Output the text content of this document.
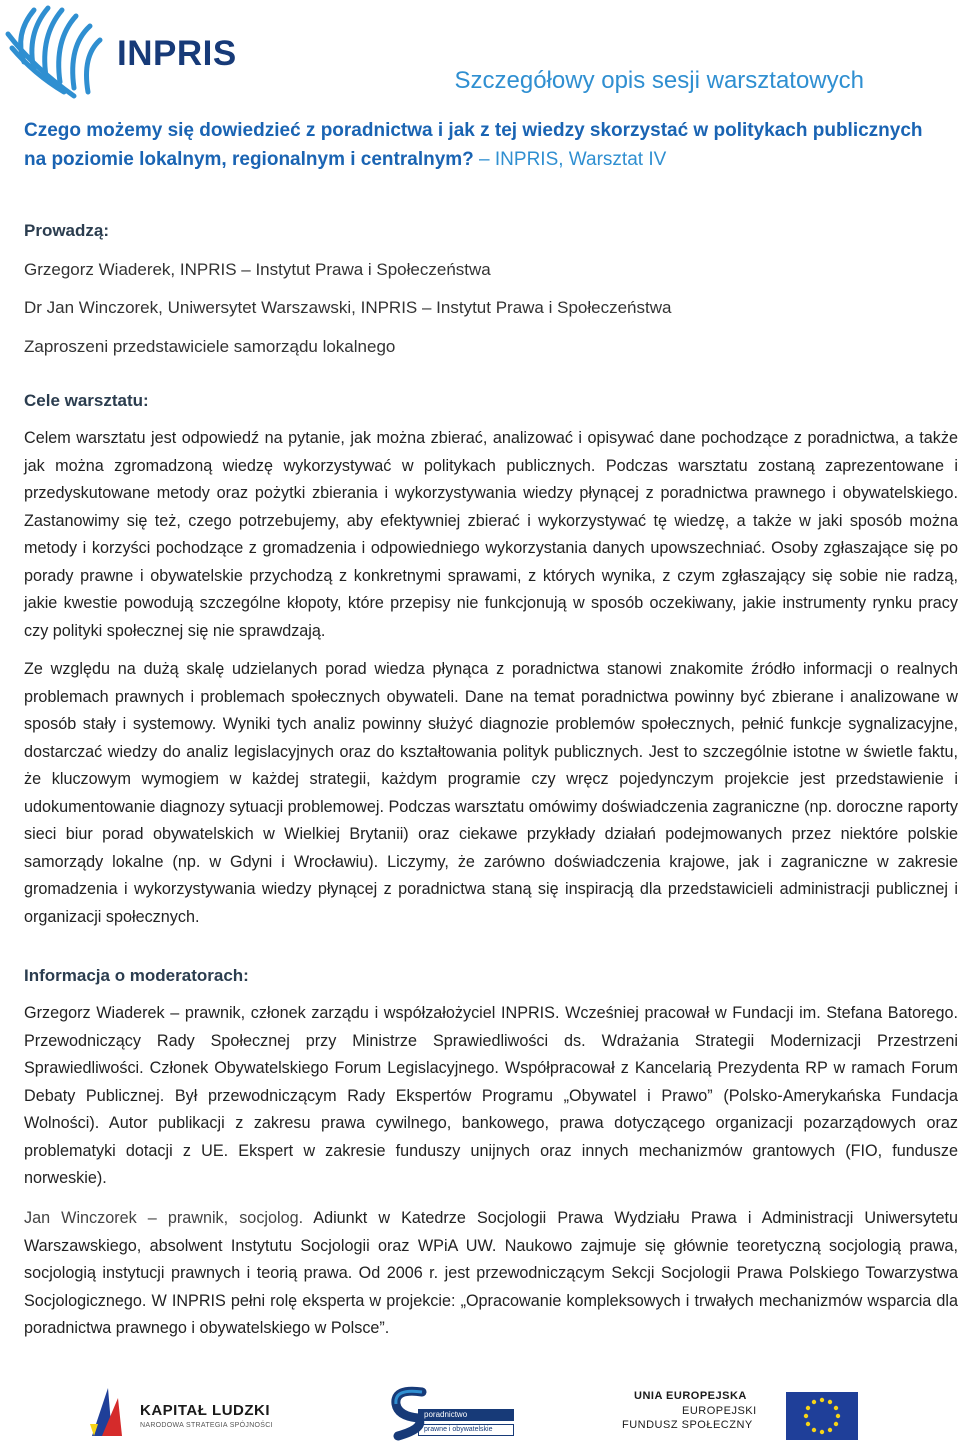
INPRIS
Szczegółowy opis sesji warsztatowych
Czego możemy się dowiedzieć z poradnictwa i jak z tej wiedzy skorzystać w politykach publicznych na poziomie lokalnym, regionalnym i centralnym? – INPRIS, Warsztat IV
Prowadzą:
Grzegorz Wiaderek, INPRIS – Instytut Prawa i Społeczeństwa
Dr Jan Winczorek, Uniwersytet Warszawski, INPRIS – Instytut Prawa i Społeczeństwa
Zaproszeni przedstawiciele samorządu lokalnego
Cele warsztatu:

Celem warsztatu jest odpowiedź na pytanie, jak można zbierać, analizować i opisywać dane pochodzące z poradnictwa, a także jak można zgromadzoną wiedzę wykorzystywać w politykach publicznych. Podczas warsztatu zostaną zaprezentowane i przedyskutowane metody oraz pożytki zbierania i wykorzystywania wiedzy płynącej z poradnictwa prawnego i obywatelskiego. Zastanowimy się też, czego potrzebujemy, aby efektywniej zbierać i wykorzystywać tę wiedzę, a także w jaki sposób można metody i korzyści pochodzące z gromadzenia i odpowiedniego wykorzystania danych upowszechniać. Osoby zgłaszające się po porady prawne i obywatelskie przychodzą z konkretnymi sprawami, z których wynika, z czym zgłaszający się sobie nie radzą, jakie kwestie powodują szczególne kłopoty, które przepisy nie funkcjonują w sposób oczekiwany, jakie instrumenty rynku pracy czy polityki społecznej się nie sprawdzają.

Ze względu na dużą skalę udzielanych porad wiedza płynąca z poradnictwa stanowi znakomite źródło informacji o realnych problemach prawnych i problemach społecznych obywateli. Dane na temat poradnictwa powinny być zbierane i analizowane w sposób stały i systemowy. Wyniki tych analiz powinny służyć diagnozie problemów społecznych, pełnić funkcje sygnalizacyjne, dostarczać wiedzy do analiz legislacyjnych oraz do kształtowania polityk publicznych. Jest to szczególnie istotne w świetle faktu, że kluczowym wymogiem w każdej strategii, każdym programie czy wręcz pojedynczym projekcie jest przedstawienie i udokumentowanie diagnozy sytuacji problemowej. Podczas warsztatu omówimy doświadczenia zagraniczne (np. doroczne raporty sieci biur porad obywatelskich w Wielkiej Brytanii) oraz ciekawe przykłady działań podejmowanych przez niektóre polskie samorządy lokalne (np. w Gdyni i Wrocławiu). Liczymy, że zarówno doświadczenia krajowe, jak i zagraniczne w zakresie gromadzenia i wykorzystywania wiedzy płynącej z poradnictwa staną się inspiracją dla przedstawicieli administracji publicznej i organizacji społecznych.

Informacja o moderatorach:

Grzegorz Wiaderek – prawnik, członek zarządu i współzałożyciel INPRIS. Wcześniej pracował w Fundacji im. Stefana Batorego. Przewodniczący Rady Społecznej przy Ministrze Sprawiedliwości ds. Wdrażania Strategii Modernizacji Przestrzeni Sprawiedliwości. Członek Obywatelskiego Forum Legislacyjnego. Współpracował z Kancelarią Prezydenta RP w ramach Forum Debaty Publicznej. Był przewodniczącym Rady Ekspertów Programu „Obywatel i Prawo” (Polsko-Amerykańska Fundacja Wolności). Autor publikacji z zakresu prawa cywilnego, bankowego, prawa dotyczącego organizacji pozarządowych oraz problematyki dotacji z UE. Ekspert w zakresie funduszy unijnych oraz innych mechanizmów grantowych (FIO, fundusze norweskie).

Jan Winczorek – prawnik, socjolog. Adiunkt w Katedrze Socjologii Prawa Wydziału Prawa i Administracji Uniwersytetu Warszawskiego, absolwent Instytutu Socjologii oraz WPiA UW. Naukowo zajmuje się głównie teoretyczną socjologią prawa, socjologią instytucji prawnych i teorią prawa. Od 2006 r. jest przewodniczącym Sekcji Socjologii Prawa Polskiego Towarzystwa Socjologicznego. W INPRIS pełni rolę eksperta w projekcie: „Opracowanie kompleksowych i trwałych mechanizmów wsparcia dla poradnictwa prawnego i obywatelskiego w Polsce”.

KAPITAŁ LUDZKI
NARODOWA STRATEGIA SPÓJNOŚCI
poradnictwo
prawne i obywatelskie
UNIA EUROPEJSKA
EUROPEJSKI
FUNDUSZ SPOŁECZNY
